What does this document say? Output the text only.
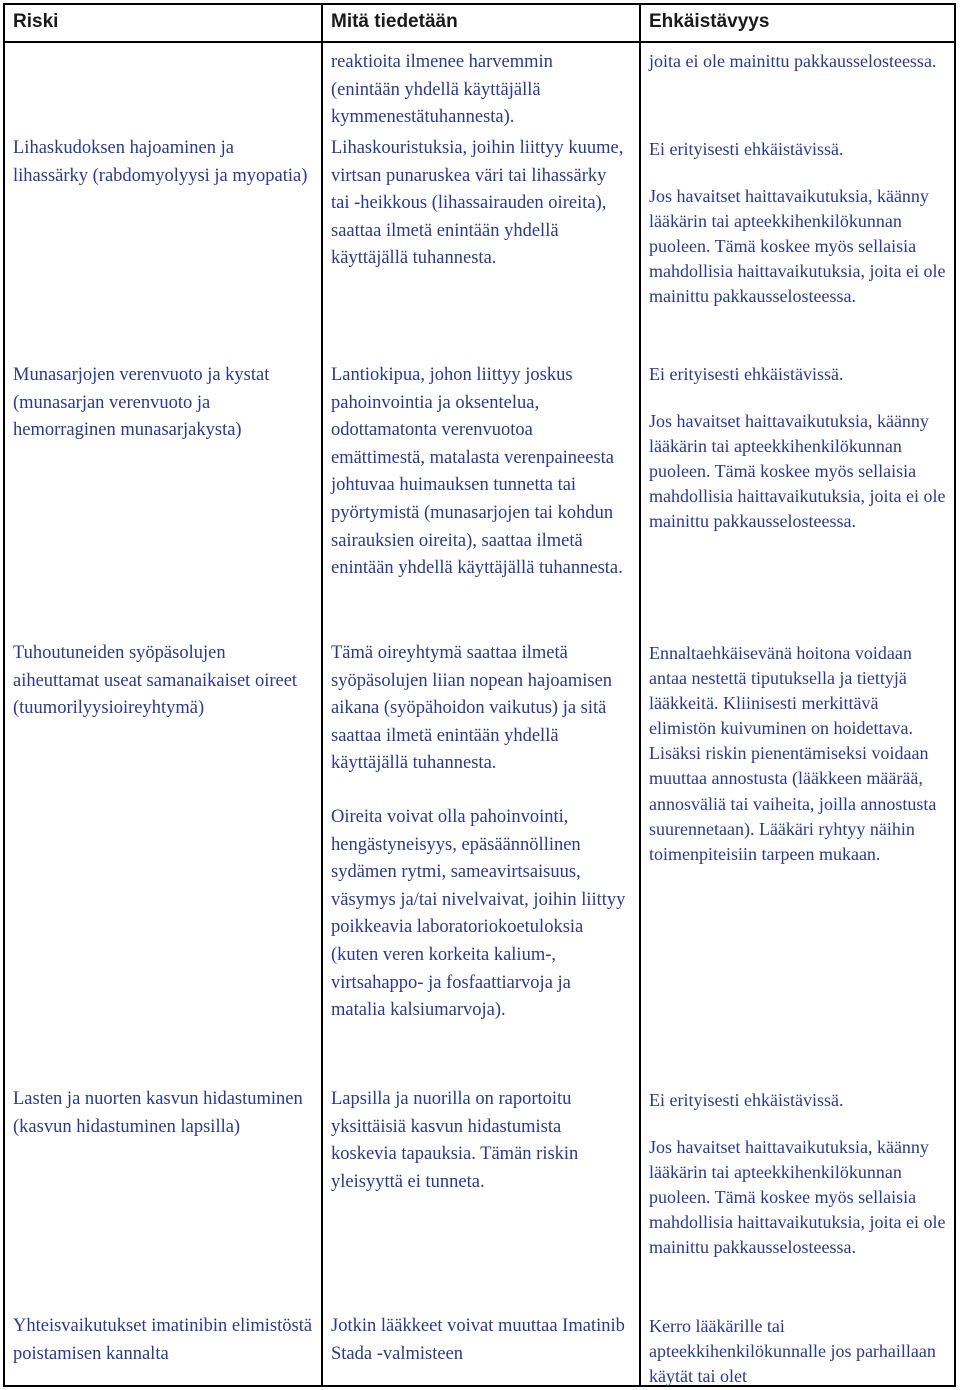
Riski	Mitä tiedetään	Ehkäistävyys
reaktioita ilmenee harvemmin (enintään yhdellä käyttäjällä kymmenestätuhannesta).
joita ei ole mainittu pakkausselosteessa.
Lihaskudoksen hajoaminen ja lihassärky (rabdomyolyysi ja myopatia)
Lihaskouristuksia, joihin liittyy kuume, virtsan punaruskea väri tai lihassärky tai -heikkous (lihassairauden oireita), saattaa ilmetä enintään yhdellä käyttäjällä tuhannesta.
Ei erityisesti ehkäistävissä.
Jos havaitset haittavaikutuksia, käänny lääkärin tai apteekkihenkilökunnan puoleen. Tämä koskee myös sellaisia mahdollisia haittavaikutuksia, joita ei ole mainittu pakkausselosteessa.
Munasarjojen verenvuoto ja kystat (munasarjan verenvuoto ja hemorraginen munasarjakysta)
Lantiokipua, johon liittyy joskus pahoinvointia ja oksentelua, odottamatonta verenvuotoa emättimestä, matalasta verenpaineesta johtuvaa huimauksen tunnetta tai pyörtymistä (munasarjojen tai kohdun sairauksien oireita), saattaa ilmetä enintään yhdellä käyttäjällä tuhannesta.
Ei erityisesti ehkäistävissä.
Jos havaitset haittavaikutuksia, käänny lääkärin tai apteekkihenkilökunnan puoleen. Tämä koskee myös sellaisia mahdollisia haittavaikutuksia, joita ei ole mainittu pakkausselosteessa.
Tuhoutuneiden syöpäsolujen aiheuttamat useat samanaikaiset oireet (tuumorilyysioireyhtymä)
Tämä oireyhtymä saattaa ilmetä syöpäsolujen liian nopean hajoamisen aikana (syöpähoidon vaikutus) ja sitä saattaa ilmetä enintään yhdellä käyttäjällä tuhannesta.
Oireita voivat olla pahoinvointi, hengästyneisyys, epäsäännöllinen sydämen rytmi, sameavirtsaisuus, väsymys ja/tai nivelvaivat, joihin liittyy poikkeavia laboratoriokoetuloksia (kuten veren korkeita kalium-, virtsahappo- ja fosfaattiarvoja ja matalia kalsiumarvoja).
Ennaltaehkäisevänä hoitona voidaan antaa nestettä tiputuksella ja tiettyjä lääkkeitä. Kliinisesti merkittävä elimistön kuivuminen on hoidettava. Lisäksi riskin pienentämiseksi voidaan muuttaa annostusta (lääkkeen määrää, annosväliä tai vaiheita, joilla annostusta suurennetaan). Lääkäri ryhtyy näihin toimenpiteisiin tarpeen mukaan.
Lasten ja nuorten kasvun hidastuminen (kasvun hidastuminen lapsilla)
Lapsilla ja nuorilla on raportoitu yksittäisiä kasvun hidastumista koskevia tapauksia. Tämän riskin yleisyyttä ei tunneta.
Ei erityisesti ehkäistävissä.
Jos havaitset haittavaikutuksia, käänny lääkärin tai apteekkihenkilökunnan puoleen. Tämä koskee myös sellaisia mahdollisia haittavaikutuksia, joita ei ole mainittu pakkausselosteessa.
Yhteisvaikutukset imatinibin elimistöstä poistamisen kannalta
Jotkin lääkkeet voivat muuttaa Imatinib Stada -valmisteen
Kerro lääkärille tai apteekkihenkilökunnalle jos parhaillaan käytät tai olet
